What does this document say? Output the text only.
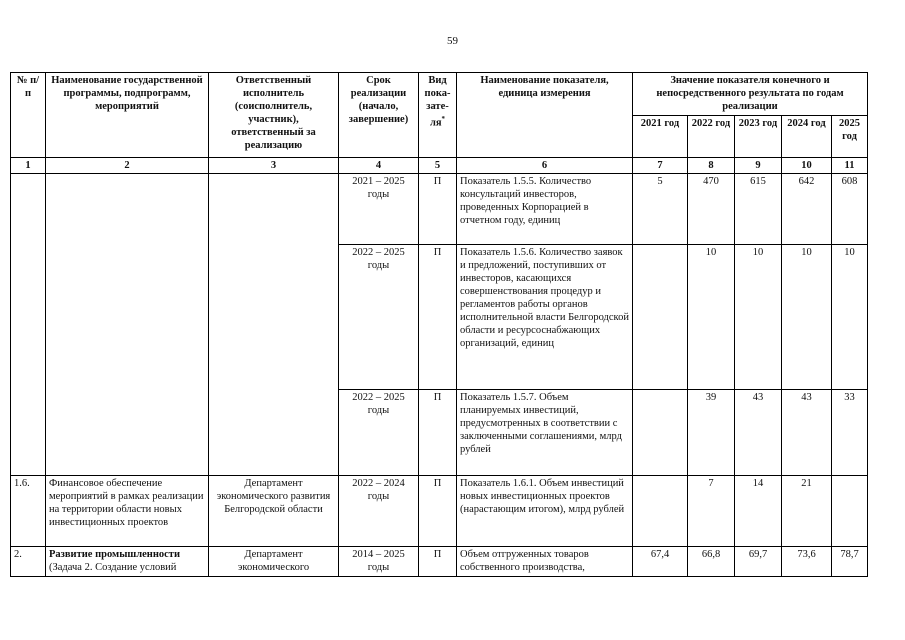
59
№ п/п	Наименование государственной программы, подпрограмм, мероприятий	Ответственный исполнитель (соисполнитель, участник), ответственный за реализацию	Срок реализации (начало, завершение)	Вид пока-зате-ля*	Наименование показателя, единица измерения	Значение показателя конечного и непосредственного результата по годам реализации				
						2021 год	2022 год	2023 год	2024 год	2025 год
1	2	3	4	5	6	7	8	9	10	11
			2021 – 2025 годы	П	Показатель 1.5.5. Количество консультаций инвесторов, проведенных Корпорацией в отчетном году, единиц	5	470	615	642	608
			2022 – 2025 годы	П	Показатель 1.5.6. Количество заявок и предложений, поступивших от инвесторов, касающихся совершенствования процедур и регламентов работы органов исполнительной власти Белгородской области и ресурсоснабжающих организаций, единиц		10	10	10	10
			2022 – 2025 годы	П	Показатель 1.5.7. Объем планируемых инвестиций, предусмотренных в соответствии с заключенными соглашениями, млрд рублей		39	43	43	33
1.6.	Финансовое обеспечение мероприятий в рамках реализации на территории области новых инвестиционных проектов	Департамент экономического развития Белгородской области	2022 – 2024 годы	П	Показатель 1.6.1. Объем инвестиций новых инвестиционных проектов (нарастающим итогом), млрд рублей		7	14	21	
2.	Развитие промышленности (Задача 2. Создание условий	Департамент экономического	2014 – 2025 годы	П	Объем отгруженных товаров собственного производства,	67,4	66,8	69,7	73,6	78,7
